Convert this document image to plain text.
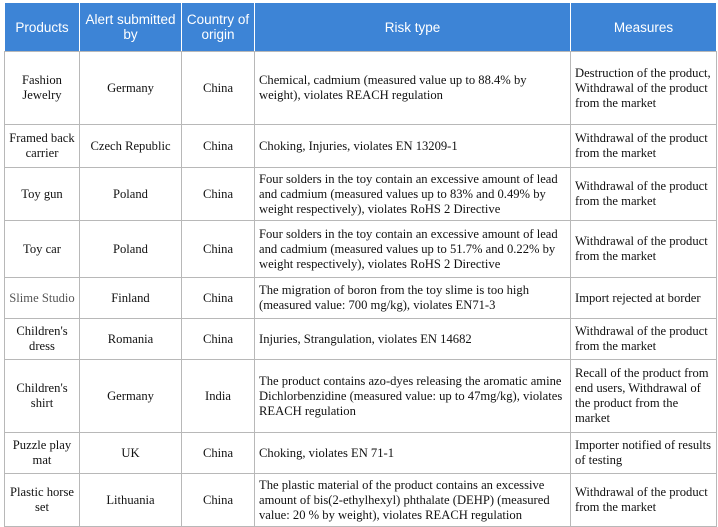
Products	Alert submitted by	Country of origin	Risk type	Measures
Fashion Jewelry	Germany	China	Chemical, cadmium (measured value up to 88.4% by weight), violates REACH regulation	Destruction of the product, Withdrawal of the product from the market
Framed back carrier	Czech Republic	China	Choking, Injuries, violates EN 13209-1	Withdrawal of the product from the market
Toy gun	Poland	China	Four solders in the toy contain an excessive amount of lead and cadmium (measured values up to 83% and 0.49% by weight respectively), violates RoHS 2 Directive	Withdrawal of the product from the market
Toy car	Poland	China	Four solders in the toy contain an excessive amount of lead and cadmium (measured values up to 51.7% and 0.22% by weight respectively), violates RoHS 2 Directive	Withdrawal of the product from the market
Slime Studio	Finland	China	The migration of boron from the toy slime is too high (measured value: 700 mg/kg), violates EN71-3	Import rejected at border
Children's dress	Romania	China	Injuries, Strangulation, violates EN 14682	Withdrawal of the product from the market
Children's shirt	Germany	India	The product contains azo-dyes releasing the aromatic amine Dichlorbenzidine (measured value: up to 47mg/kg), violates REACH regulation	Recall of the product from end users, Withdrawal of the product from the market
Puzzle play mat	UK	China	Choking, violates EN 71-1	Importer notified of results of testing
Plastic horse set	Lithuania	China	The plastic material of the product contains an excessive amount of bis(2-ethylhexyl) phthalate (DEHP) (measured value: 20 % by weight), violates REACH regulation	Withdrawal of the product from the market
